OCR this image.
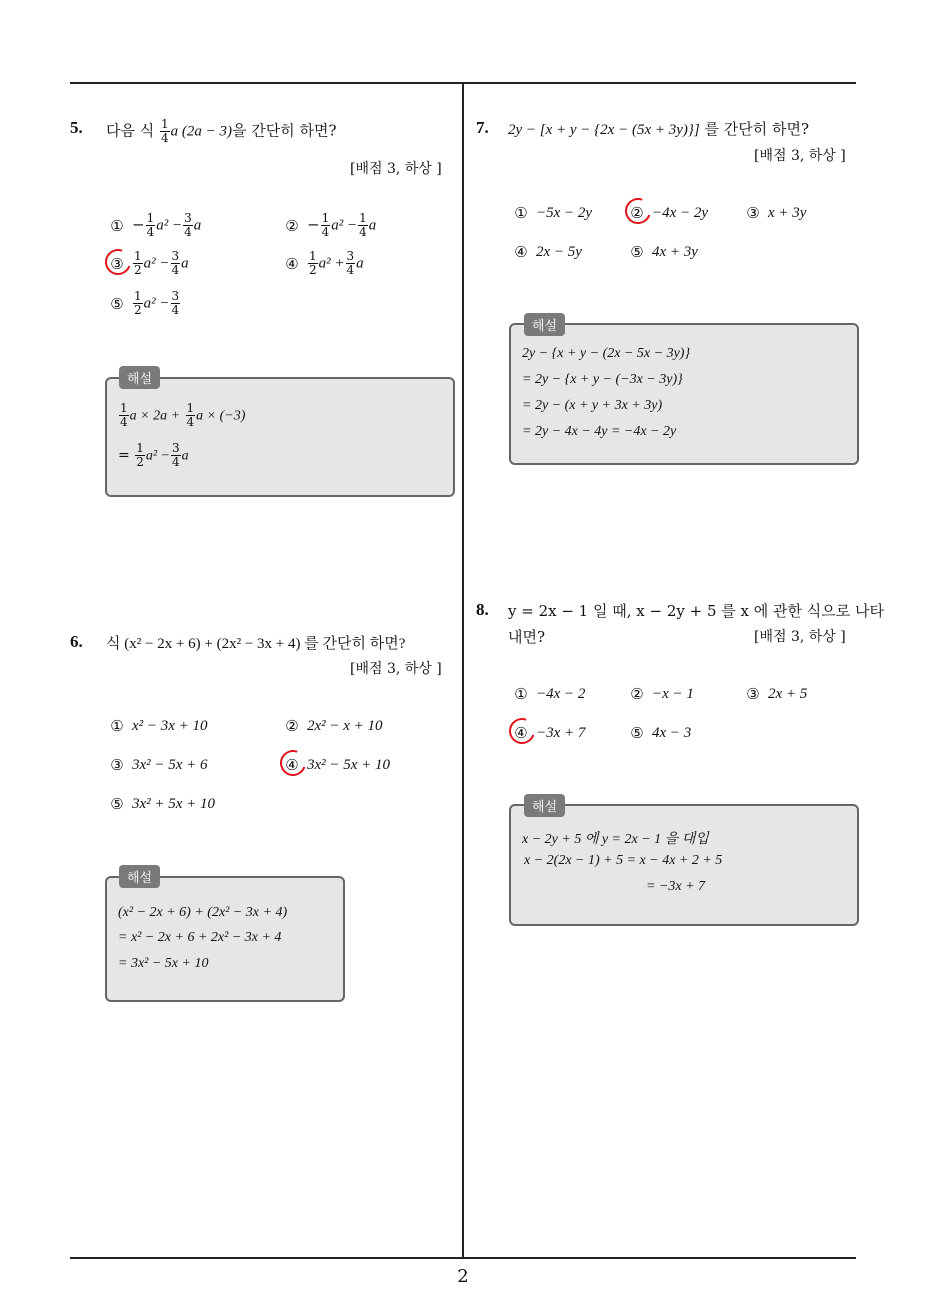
5. 다음 식 $\frac{1}{4}$ a (2a − 3)을 간단히 하면?
[배점 3, 하상 ]
① − $\frac{1}{4} a^2 - \frac{3}{4}$ a	② − $\frac{1}{4} a^2 - \frac{1}{4}$ a
③ $\frac{1}{2} a^2 - \frac{3}{4}$ a	④ $\frac{1}{2} a^2 + \frac{3}{4}$ a
⑤ $\frac{1}{2} a^2 - \frac{3}{4}$
해설
$\frac{1}{4}$ $a \times 2a + \frac{1}{4}$ a × (−3)
= $\frac{1}{2} a^2 - \frac{3}{4}$ a
6. 식 (x² − 2x + 6) + (2x² − 3x + 4) 를 간단히 하면?
[배점 3, 하상 ]
① x² − 3x + 10	② 2x² − x + 10
③ 3x² − 5x + 6	④ 3x² − 5x + 10
⑤ 3x² + 5x + 10
해설
(x² − 2x + 6) + (2x² − 3x + 4)
= x² − 2x + 6 + 2x² − 3x + 4
= 3x² − 5x + 10
7. 2y − [x + y − {2x − (5x + 3y)}] 를 간단히 하면?
[배점 3, 하상 ]
① −5x − 2y	② −4x − 2y	③ x + 3y
④ 2x − 5y	⑤ 4x + 3y
해설
2y − {x + y − (2x − 5x − 3y)}
= 2y − {x + y − (−3x − 3y)}
= 2y − (x + y + 3x + 3y)
= 2y − 4x − 4y = −4x − 2y
8. y = 2x − 1 일 때, x − 2y + 5 를 x 에 관한 식으로 나타
내면?	[배점 3, 하상 ]
① −4x − 2	② −x − 1	③ 2x + 5
④ −3x + 7	⑤ 4x − 3
해설
x − 2y + 5 에 y = 2x − 1 을 대입
x − 2(2x − 1) + 5 = x − 4x + 2 + 5
= −3x + 7
2
